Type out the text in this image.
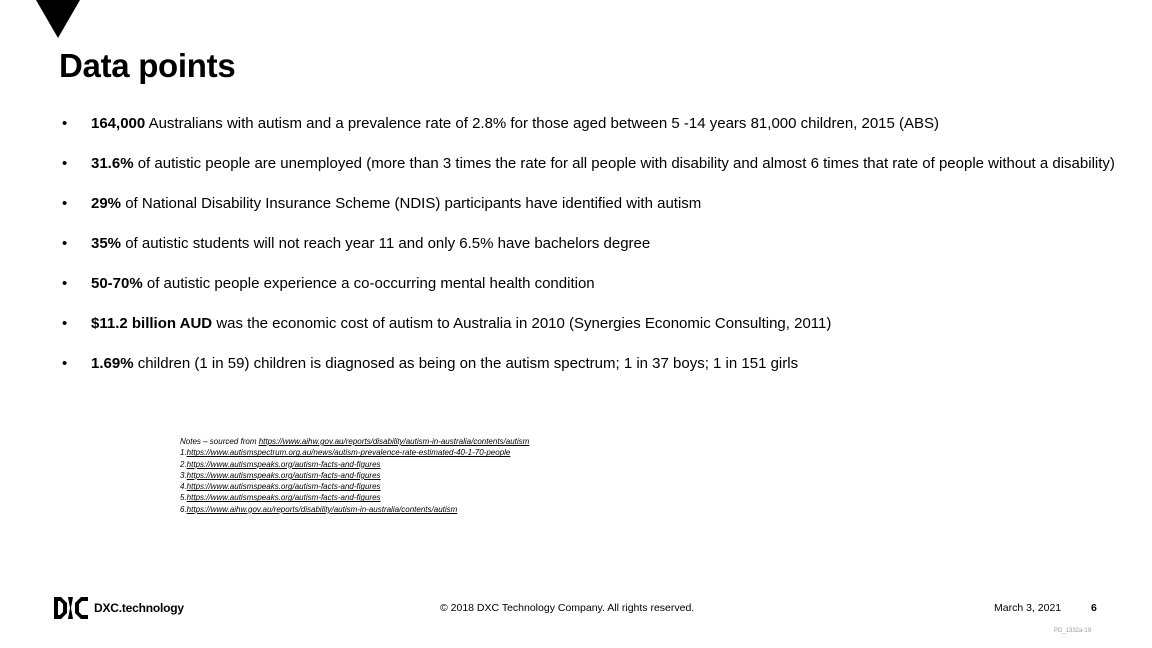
Data points
• 164,000 Australians with autism and a prevalence rate of 2.8% for those aged between 5 -14 years 81,000 children, 2015 (ABS)
• 31.6% of autistic people are unemployed (more than 3 times the rate for all people with disability and almost 6 times that rate of people without a disability)
• 29% of National Disability Insurance Scheme (NDIS) participants have identified with autism
• 35% of autistic students will not reach year 11 and only 6.5% have bachelors degree
• 50-70% of autistic people experience a co-occurring mental health condition
• $11.2 billion AUD was the economic cost of autism to Australia in 2010 (Synergies Economic Consulting, 2011)
• 1.69% children (1 in 59) children is diagnosed as being on the autism spectrum; 1 in 37 boys; 1 in 151 girls
Notes – sourced from https://www.aihw.gov.au/reports/disability/autism-in-australia/contents/autism
1.https://www.autismspectrum.org.au/news/autism-prevalence-rate-estimated-40-1-70-people
2.https://www.autismspeaks.org/autism-facts-and-figures
3.https://www.autismspeaks.org/autism-facts-and-figures
4.https://www.autismspeaks.org/autism-facts-and-figures
5.https://www.autismspeaks.org/autism-facts-and-figures
6.https://www.aihw.gov.au/reports/disability/autism-in-australia/contents/autism
DXC.technology	© 2018 DXC Technology Company. All rights reserved.	March 3, 2021	6
PD_1332a-19
